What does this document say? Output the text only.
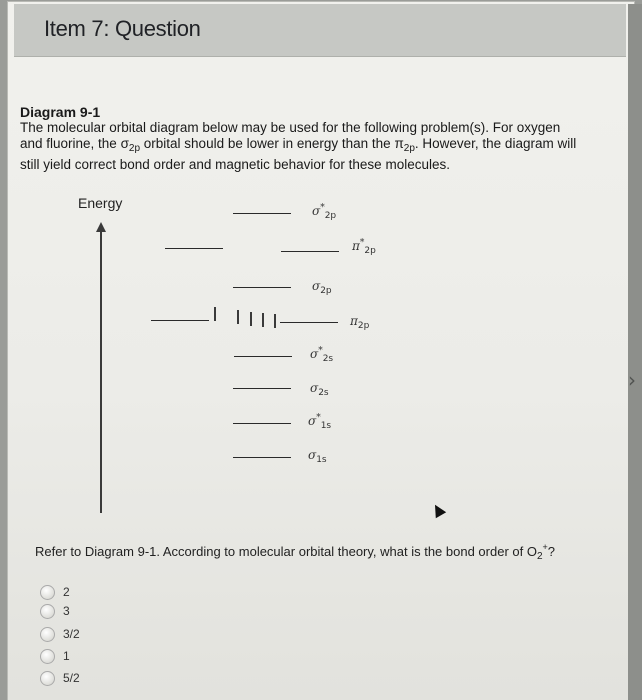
›
Item 7: Question
Diagram 9-1
The molecular orbital diagram below may be used for the following problem(s). For oxygen
and fluorine, the $\sigma_{2p}$ orbital should be lower in energy than the $\pi_{2p}$. However, the diagram will
still yield correct bond order and magnetic behavior for these molecules.
Energy	$\sigma^*_{2p}$
$\pi^*_{2p}$
$\sigma_{2p}$
$\pi_{2p}$
$\sigma^*_{2s}$
$\sigma_{2s}$
$\sigma^*_{1s}$
$\sigma_{1s}$
Refer to Diagram 9-1. According to molecular orbital theory, what is the bond order of $O_2^+$?
2
3
3/2
1
5/2
